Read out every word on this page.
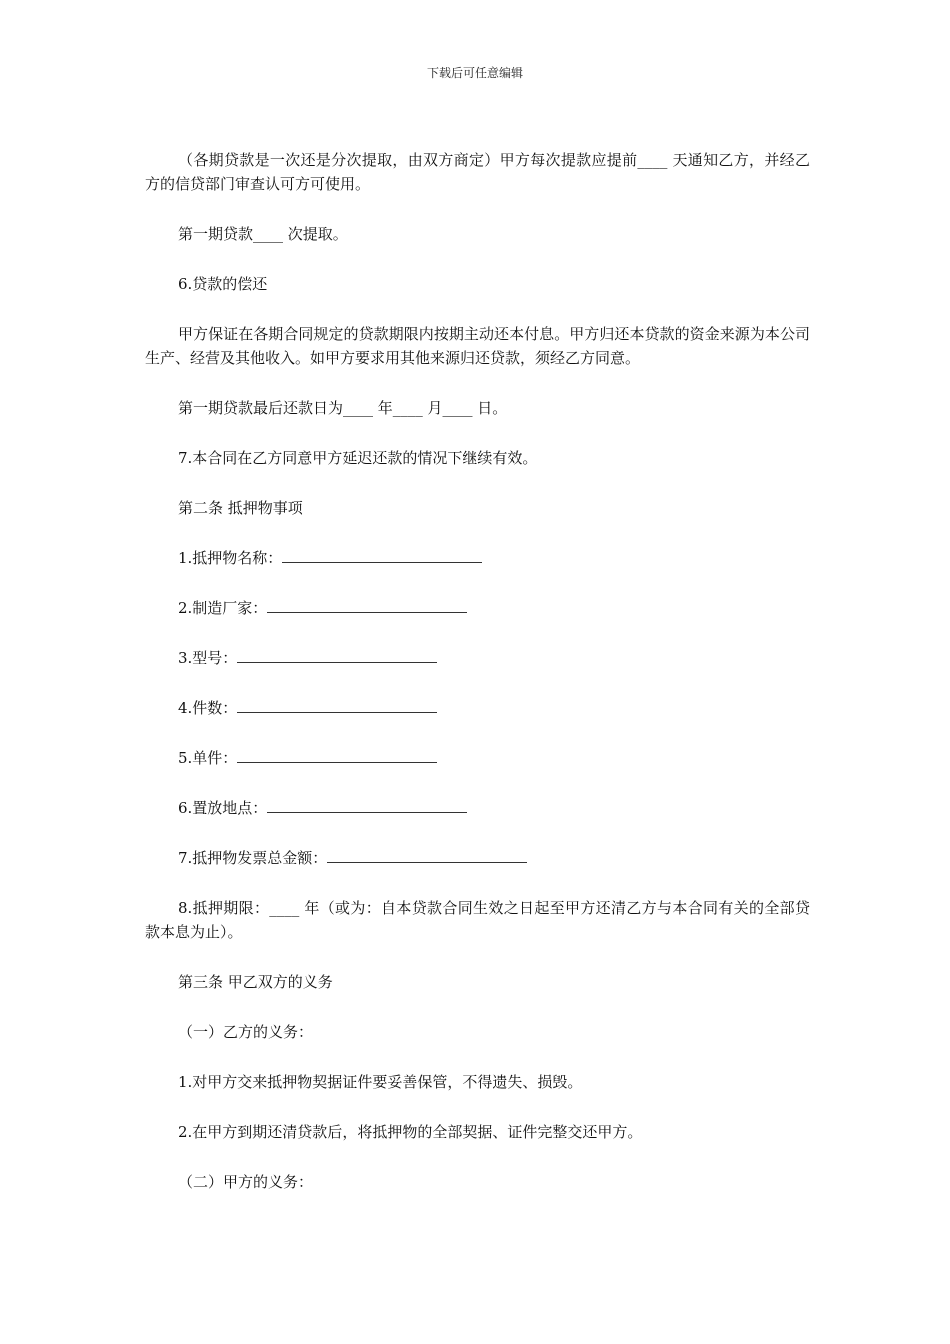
下载后可任意编辑

（各期贷款是一次还是分次提取，由双方商定）甲方每次提款应提前____ 天通知乙方，并经乙方的信贷部门审查认可方可使用。

第一期贷款____ 次提取。

6.贷款的偿还

甲方保证在各期合同规定的贷款期限内按期主动还本付息。甲方归还本贷款的资金来源为本公司生产、经营及其他收入。如甲方要求用其他来源归还贷款，须经乙方同意。

第一期贷款最后还款日为____ 年____ 月____ 日。

7.本合同在乙方同意甲方延迟还款的情况下继续有效。

第二条 抵押物事项

1.抵押物名称：

2.制造厂家：

3.型号：

4.件数：

5.单件：

6.置放地点：

7.抵押物发票总金额：

8.抵押期限：____ 年（或为：自本贷款合同生效之日起至甲方还清乙方与本合同有关的全部贷款本息为止）。

第三条 甲乙双方的义务

（一）乙方的义务：

1.对甲方交来抵押物契据证件要妥善保管，不得遗失、损毁。

2.在甲方到期还清贷款后，将抵押物的全部契据、证件完整交还甲方。

（二）甲方的义务：
